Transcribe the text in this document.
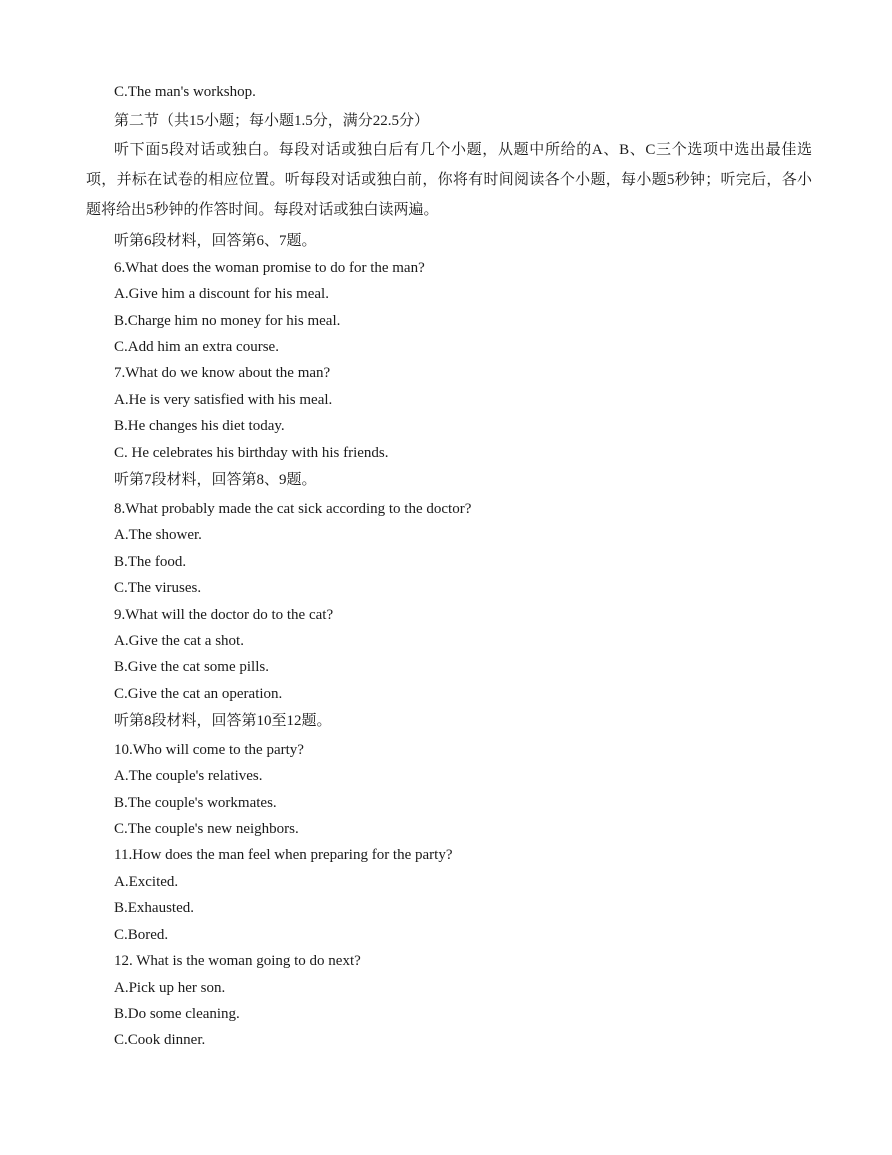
C.The man's workshop.
第二节（共15小题；每小题1.5分，满分22.5分）
听下面5段对话或独白。每段对话或独白后有几个小题，从题中所给的A、B、C三个选项中选出最佳选项，并标在试卷的相应位置。听每段对话或独白前，你将有时间阅读各个小题，每小题5秒钟；听完后，各小题将给出5秒钟的作答时间。每段对话或独白读两遍。
听第6段材料，回答第6、7题。
6.What does the woman promise to do for the man?
A.Give him a discount for his meal.
B.Charge him no money for his meal.
C.Add him an extra course.
7.What do we know about the man?
A.He is very satisfied with his meal.
B.He changes his diet today.
C. He celebrates his birthday with his friends.
听第7段材料，回答第8、9题。
8.What probably made the cat sick according to the doctor?
A.The shower.
B.The food.
C.The viruses.
9.What will the doctor do to the cat?
A.Give the cat a shot.
B.Give the cat some pills.
C.Give the cat an operation.
听第8段材料，回答第10至12题。
10.Who will come to the party?
A.The couple's relatives.
B.The couple's workmates.
C.The couple's new neighbors.
11.How does the man feel when preparing for the party?
A.Excited.
B.Exhausted.
C.Bored.
12. What is the woman going to do next?
A.Pick up her son.
B.Do some cleaning.
C.Cook dinner.
